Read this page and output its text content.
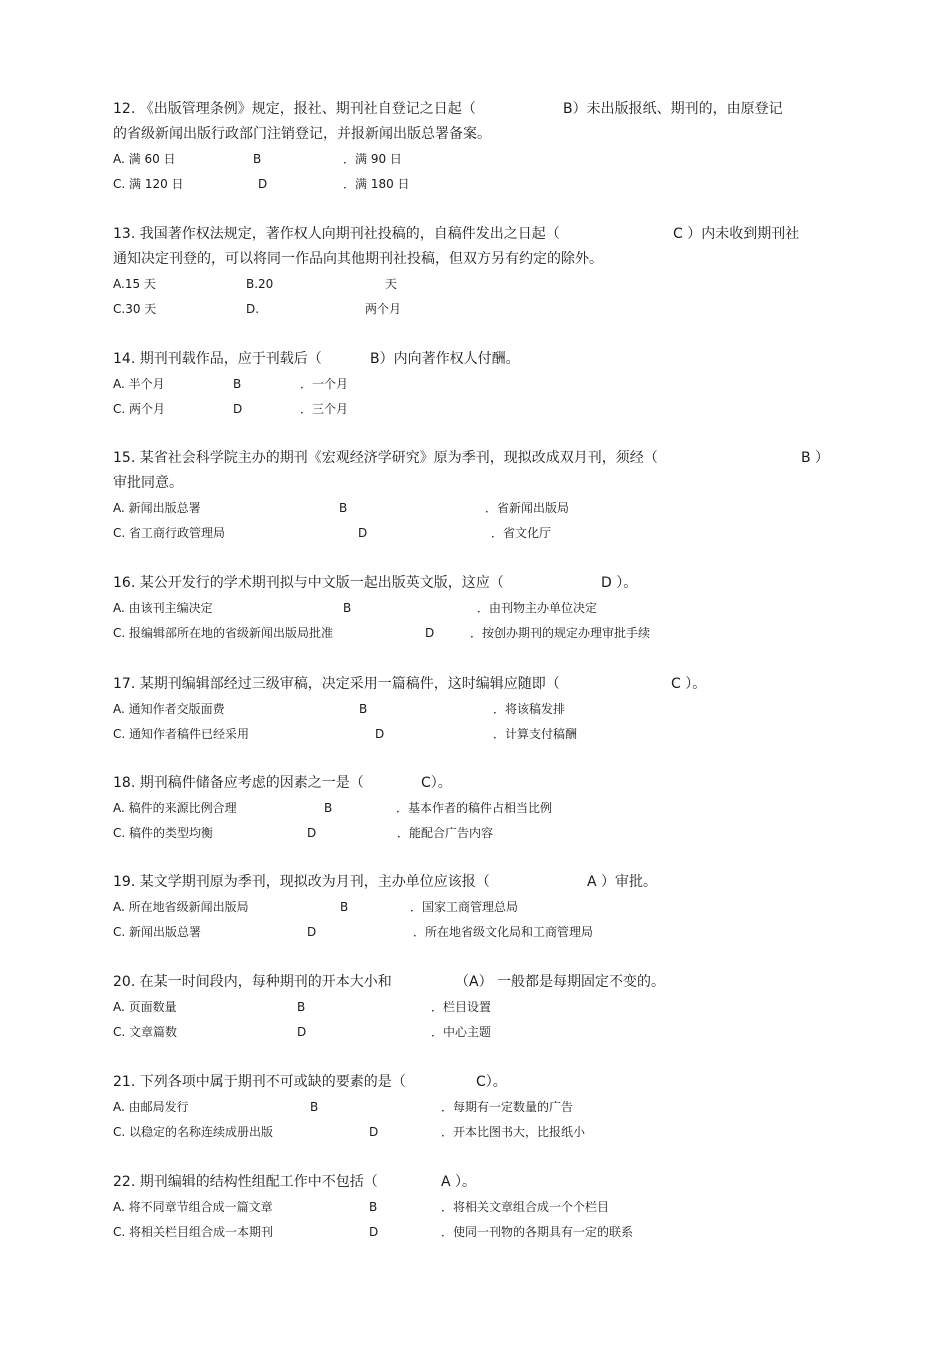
12. 《出版管理条例》规定，报社、期刊社自登记之日起（	B）未出版报纸、期刊的，由原登记
的省级新闻出版行政部门注销登记，并报新闻出版总署备案。
A. 满 60 日	B	．满 90 日
C. 满 120 日	D	．满 180 日
13. 我国著作权法规定，著作权人向期刊社投稿的，自稿件发出之日起（	C ）内未收到期刊社
通知决定刊登的，可以将同一作品向其他期刊社投稿，但双方另有约定的除外。
A.15 天	B.20	天
C.30 天	D.	两个月
14. 期刊刊载作品，应于刊载后（	B）内向著作权人付酬。
A. 半个月	B	．一个月
C. 两个月	D	．三个月
15. 某省社会科学院主办的期刊《宏观经济学研究》原为季刊，现拟改成双月刊，须经（	B ）
审批同意。
A. 新闻出版总署	B	．省新闻出版局
C. 省工商行政管理局	D	．省文化厅
16. 某公开发行的学术期刊拟与中文版一起出版英文版，这应（	D ）。
A. 由该刊主编决定	B	．由刊物主办单位决定
C. 报编辑部所在地的省级新闻出版局批准	D	．按创办期刊的规定办理审批手续
17. 某期刊编辑部经过三级审稿，决定采用一篇稿件，这时编辑应随即（	C ）。
A. 通知作者交版面费	B	．将该稿发排
C. 通知作者稿件已经采用	D	．计算支付稿酬
18. 期刊稿件储备应考虑的因素之一是（	C）。
A. 稿件的来源比例合理	B	．基本作者的稿件占相当比例
C. 稿件的类型均衡	D	．能配合广告内容
19. 某文学期刊原为季刊，现拟改为月刊，主办单位应该报（	A ）审批。
A. 所在地省级新闻出版局	B	．国家工商管理总局
C. 新闻出版总署	D	．所在地省级文化局和工商管理局
20. 在某一时间段内，每种期刊的开本大小和	（A） 一般都是每期固定不变的。
A. 页面数量	B	．栏目设置
C. 文章篇数	D	．中心主题
21. 下列各项中属于期刊不可或缺的要素的是（	C）。
A. 由邮局发行	B	．每期有一定数量的广告
C. 以稳定的名称连续成册出版	D	．开本比图书大，比报纸小
22. 期刊编辑的结构性组配工作中不包括（	A ）。
A. 将不同章节组合成一篇文章	B	．将相关文章组合成一个个栏目
C. 将相关栏目组合成一本期刊	D	．使同一刊物的各期具有一定的联系
